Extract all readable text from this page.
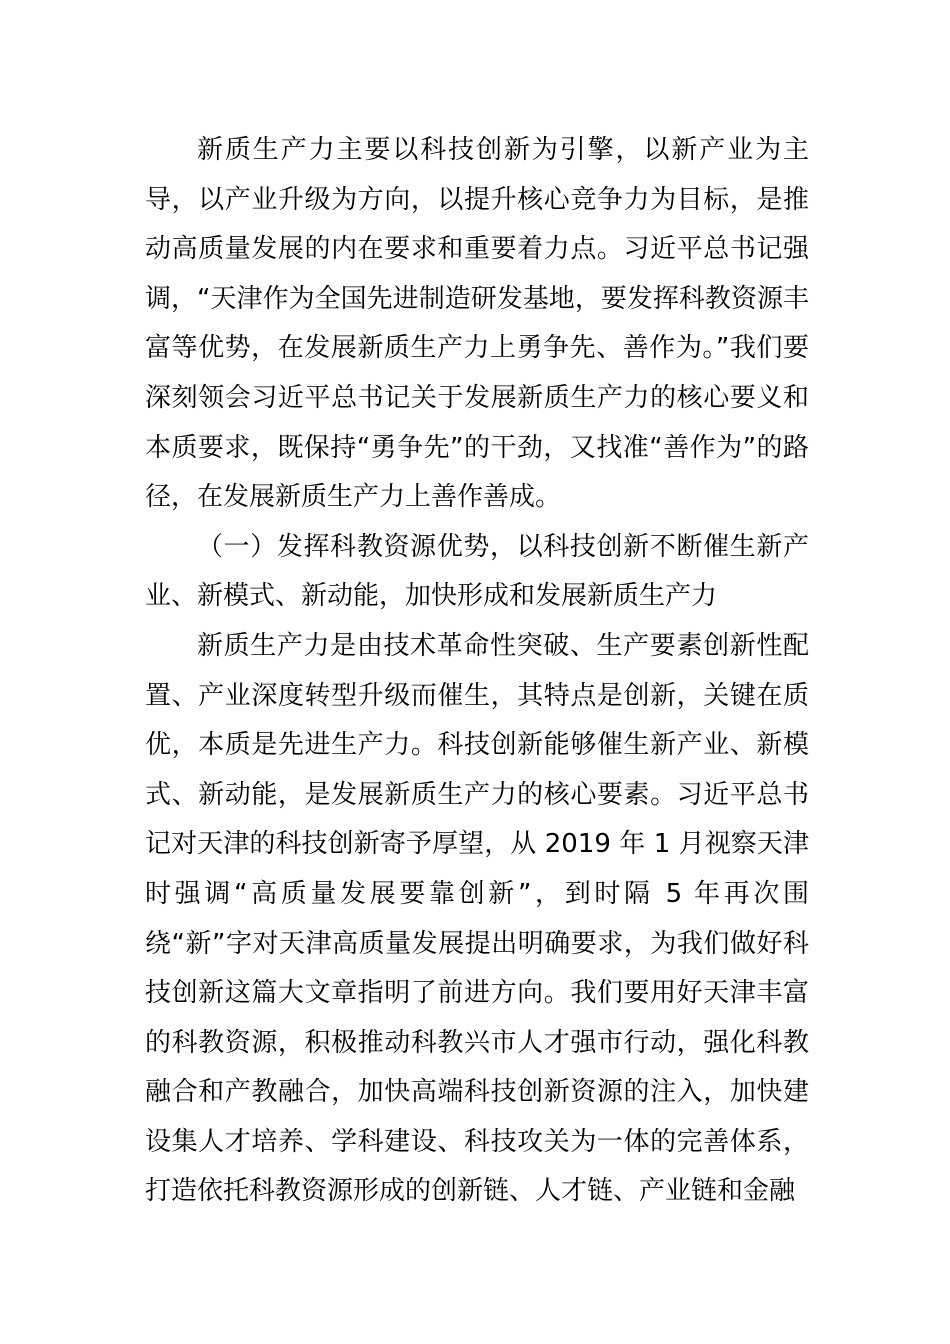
新质生产力主要以科技创新为引擎，以新产业为主导，以产业升级为方向，以提升核心竞争力为目标，是推动高质量发展的内在要求和重要着力点。习近平总书记强调，“天津作为全国先进制造研发基地，要发挥科教资源丰富等优势，在发展新质生产力上勇争先、善作为。”我们要深刻领会习近平总书记关于发展新质生产力的核心要义和本质要求，既保持“勇争先”的干劲，又找准“善作为”的路径，在发展新质生产力上善作善成。

（一）发挥科教资源优势，以科技创新不断催生新产业、新模式、新动能，加快形成和发展新质生产力

新质生产力是由技术革命性突破、生产要素创新性配置、产业深度转型升级而催生，其特点是创新，关键在质优，本质是先进生产力。科技创新能够催生新产业、新模式、新动能，是发展新质生产力的核心要素。习近平总书记对天津的科技创新寄予厚望，从 2019 年 1 月视察天津时强调“高质量发展要靠创新”，到时隔 5 年再次围绕“新”字对天津高质量发展提出明确要求，为我们做好科技创新这篇大文章指明了前进方向。我们要用好天津丰富的科教资源，积极推动科教兴市人才强市行动，强化科教融合和产教融合，加快高端科技创新资源的注入，加快建设集人才培养、学科建设、科技攻关为一体的完善体系，打造依托科教资源形成的创新链、人才链、产业链和金融
